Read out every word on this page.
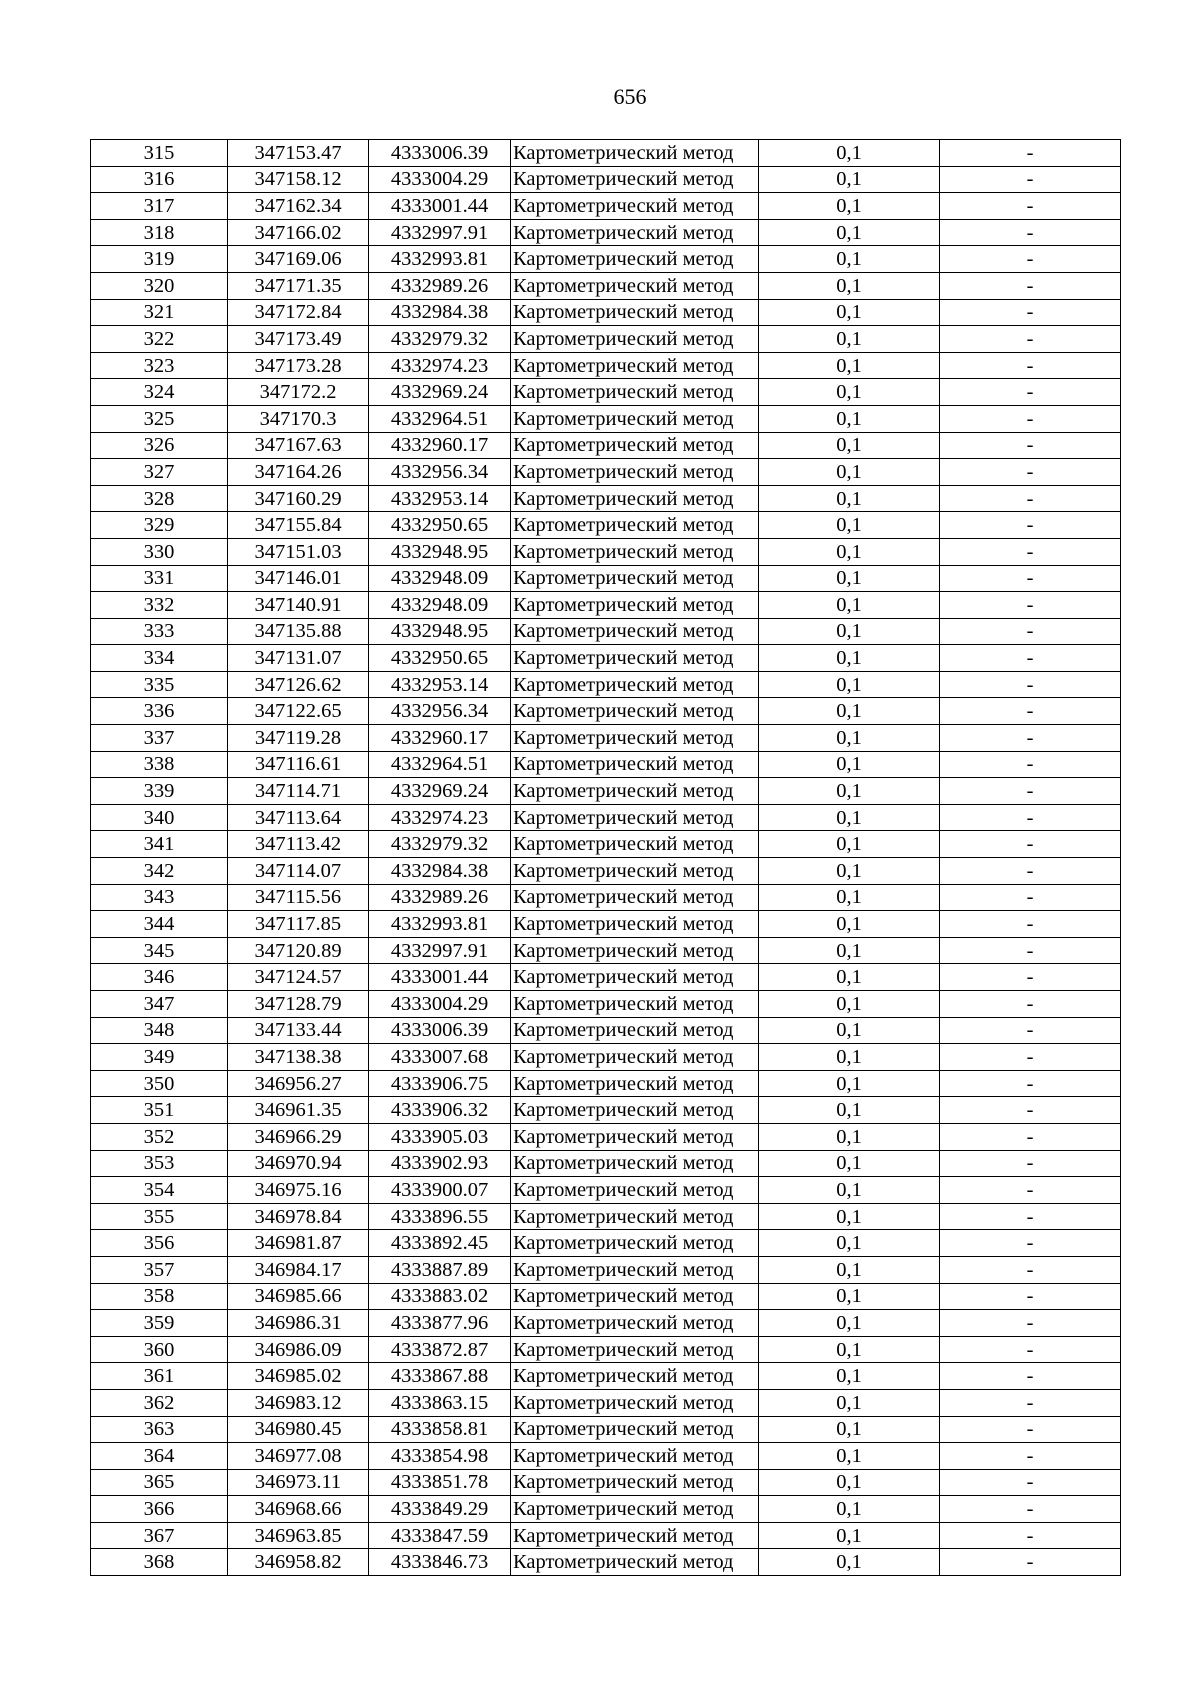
656
315	347153.47	4333006.39	Картометрический метод	0,1	-
316	347158.12	4333004.29	Картометрический метод	0,1	-
317	347162.34	4333001.44	Картометрический метод	0,1	-
318	347166.02	4332997.91	Картометрический метод	0,1	-
319	347169.06	4332993.81	Картометрический метод	0,1	-
320	347171.35	4332989.26	Картометрический метод	0,1	-
321	347172.84	4332984.38	Картометрический метод	0,1	-
322	347173.49	4332979.32	Картометрический метод	0,1	-
323	347173.28	4332974.23	Картометрический метод	0,1	-
324	347172.2	4332969.24	Картометрический метод	0,1	-
325	347170.3	4332964.51	Картометрический метод	0,1	-
326	347167.63	4332960.17	Картометрический метод	0,1	-
327	347164.26	4332956.34	Картометрический метод	0,1	-
328	347160.29	4332953.14	Картометрический метод	0,1	-
329	347155.84	4332950.65	Картометрический метод	0,1	-
330	347151.03	4332948.95	Картометрический метод	0,1	-
331	347146.01	4332948.09	Картометрический метод	0,1	-
332	347140.91	4332948.09	Картометрический метод	0,1	-
333	347135.88	4332948.95	Картометрический метод	0,1	-
334	347131.07	4332950.65	Картометрический метод	0,1	-
335	347126.62	4332953.14	Картометрический метод	0,1	-
336	347122.65	4332956.34	Картометрический метод	0,1	-
337	347119.28	4332960.17	Картометрический метод	0,1	-
338	347116.61	4332964.51	Картометрический метод	0,1	-
339	347114.71	4332969.24	Картометрический метод	0,1	-
340	347113.64	4332974.23	Картометрический метод	0,1	-
341	347113.42	4332979.32	Картометрический метод	0,1	-
342	347114.07	4332984.38	Картометрический метод	0,1	-
343	347115.56	4332989.26	Картометрический метод	0,1	-
344	347117.85	4332993.81	Картометрический метод	0,1	-
345	347120.89	4332997.91	Картометрический метод	0,1	-
346	347124.57	4333001.44	Картометрический метод	0,1	-
347	347128.79	4333004.29	Картометрический метод	0,1	-
348	347133.44	4333006.39	Картометрический метод	0,1	-
349	347138.38	4333007.68	Картометрический метод	0,1	-
350	346956.27	4333906.75	Картометрический метод	0,1	-
351	346961.35	4333906.32	Картометрический метод	0,1	-
352	346966.29	4333905.03	Картометрический метод	0,1	-
353	346970.94	4333902.93	Картометрический метод	0,1	-
354	346975.16	4333900.07	Картометрический метод	0,1	-
355	346978.84	4333896.55	Картометрический метод	0,1	-
356	346981.87	4333892.45	Картометрический метод	0,1	-
357	346984.17	4333887.89	Картометрический метод	0,1	-
358	346985.66	4333883.02	Картометрический метод	0,1	-
359	346986.31	4333877.96	Картометрический метод	0,1	-
360	346986.09	4333872.87	Картометрический метод	0,1	-
361	346985.02	4333867.88	Картометрический метод	0,1	-
362	346983.12	4333863.15	Картометрический метод	0,1	-
363	346980.45	4333858.81	Картометрический метод	0,1	-
364	346977.08	4333854.98	Картометрический метод	0,1	-
365	346973.11	4333851.78	Картометрический метод	0,1	-
366	346968.66	4333849.29	Картометрический метод	0,1	-
367	346963.85	4333847.59	Картометрический метод	0,1	-
368	346958.82	4333846.73	Картометрический метод	0,1	-
